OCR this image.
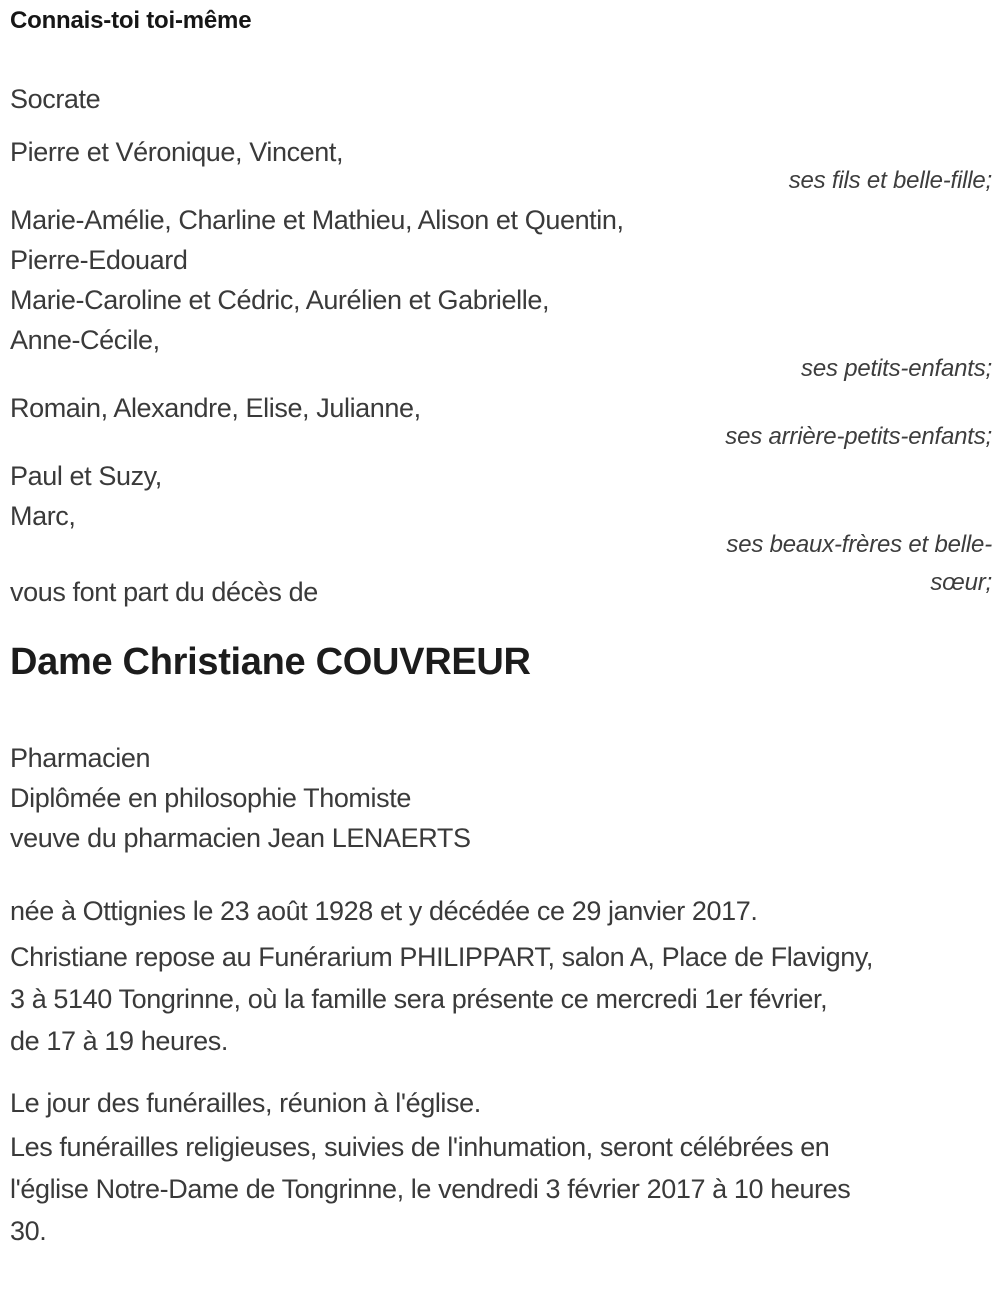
Connais-toi toi-même
Socrate
Pierre et Véronique, Vincent,
ses fils et belle-fille;
Marie-Amélie, Charline et Mathieu, Alison et Quentin,
Pierre-Edouard
Marie-Caroline et Cédric, Aurélien et Gabrielle,
Anne-Cécile,
ses petits-enfants;
Romain, Alexandre, Elise, Julianne,
ses arrière-petits-enfants;
Paul et Suzy,
Marc,
ses beaux-frères et belle-sœur;
vous font part du décès de
Dame Christiane COUVREUR
Pharmacien
Diplômée en philosophie Thomiste
veuve du pharmacien Jean LENAERTS
née à Ottignies le 23 août 1928 et y décédée ce 29 janvier 2017.
Christiane repose au Funérarium PHILIPPART, salon A, Place de Flavigny,
3 à 5140 Tongrinne, où la famille sera présente ce mercredi 1er février,
de 17 à 19 heures.
Le jour des funérailles, réunion à l'église.
Les funérailles religieuses, suivies de l'inhumation, seront célébrées en
l'église Notre-Dame de Tongrinne, le vendredi 3 février 2017 à 10 heures
30.
